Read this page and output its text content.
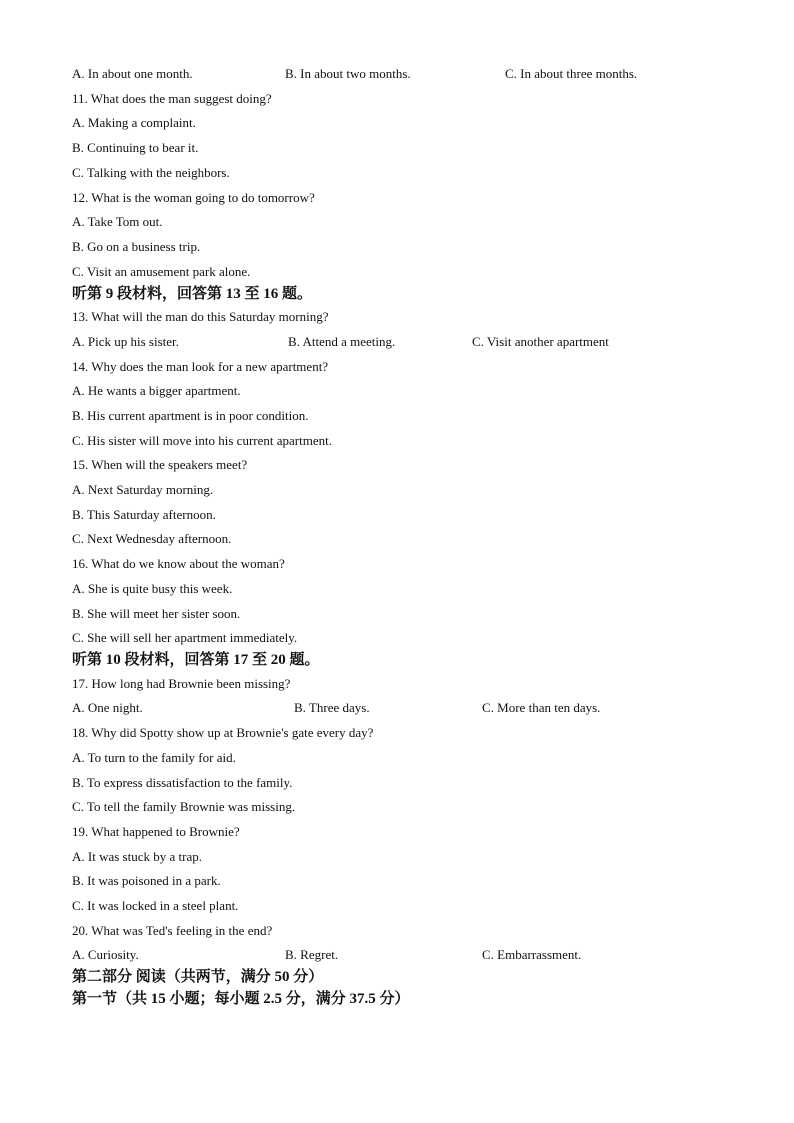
A. In about one month.	B. In about two months.	C. In about three months.
11. What does the man suggest doing?
A. Making a complaint.
B. Continuing to bear it.
C. Talking with the neighbors.
12. What is the woman going to do tomorrow?
A. Take Tom out.
B. Go on a business trip.
C. Visit an amusement park alone.
听第 9 段材料，回答第 13 至 16 题。
13. What will the man do this Saturday morning?
A. Pick up his sister.	B. Attend a meeting.	C. Visit another apartment
14. Why does the man look for a new apartment?
A. He wants a bigger apartment.
B. His current apartment is in poor condition.
C. His sister will move into his current apartment.
15. When will the speakers meet?
A. Next Saturday morning.
B. This Saturday afternoon.
C. Next Wednesday afternoon.
16. What do we know about the woman?
A. She is quite busy this week.
B. She will meet her sister soon.
C. She will sell her apartment immediately.
听第 10 段材料，回答第 17 至 20 题。
17. How long had Brownie been missing?
A. One night.	B. Three days.	C. More than ten days.
18. Why did Spotty show up at Brownie's gate every day?
A. To turn to the family for aid.
B. To express dissatisfaction to the family.
C. To tell the family Brownie was missing.
19. What happened to Brownie?
A. It was stuck by a trap.
B. It was poisoned in a park.
C. It was locked in a steel plant.
20. What was Ted's feeling in the end?
A. Curiosity.	B. Regret.	C. Embarrassment.
第二部分 阅读（共两节，满分 50 分）
第一节（共 15 小题；每小题 2.5 分，满分 37.5 分）
